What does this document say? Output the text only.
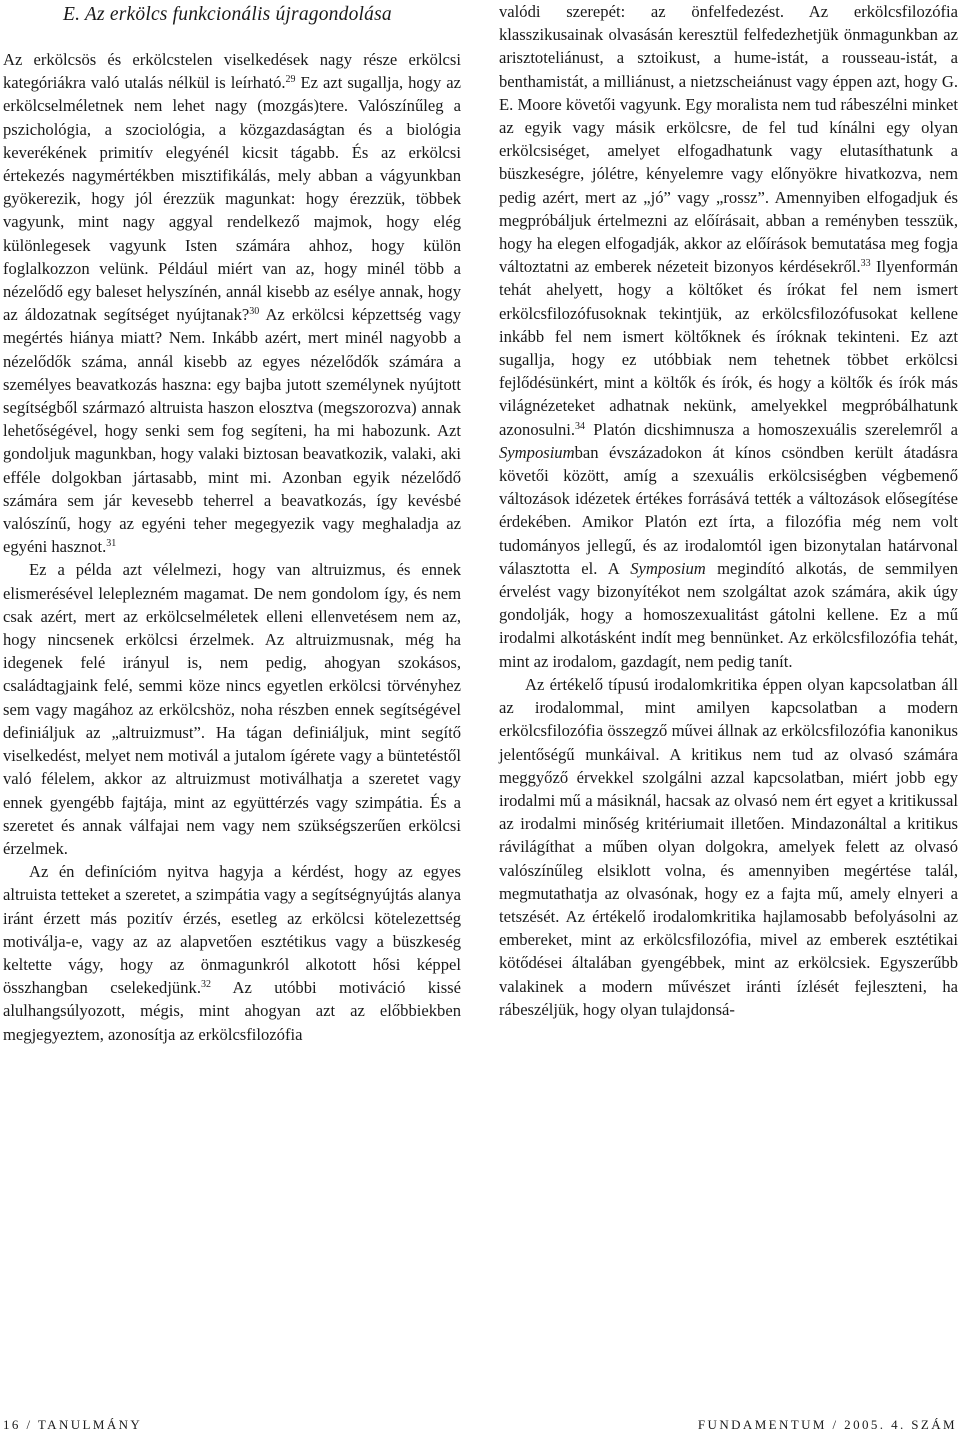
E. Az erkölcs funkcionális újragondolása

Az erkölcsös és erkölcstelen viselkedések nagy része erkölcsi kategóriákra való utalás nélkül is leírható.$^{29}$ Ez azt sugallja, hogy az erkölcselméletnek nem lehet nagy (mozgás)tere. Valószínűleg a pszichológia, a szociológia, a közgazdaságtan és a biológia keverékének primitív elegyénél kicsit tágabb. És az erkölcsi értekezés nagymértékben misztifikálás, mely abban a vágyunkban gyökerezik, hogy jól érezzük magunkat: hogy érezzük, többek vagyunk, mint nagy aggyal rendelkező majmok, hogy elég különlegesek vagyunk Isten számára ahhoz, hogy külön foglalkozzon velünk. Például miért van az, hogy minél több a nézelődő egy baleset helyszínén, annál kisebb az esélye annak, hogy az áldozatnak segítséget nyújtanak?$^{30}$ Az erkölcsi képzettség vagy megértés hiánya miatt? Nem. Inkább azért, mert minél nagyobb a nézelődők száma, annál kisebb az egyes nézelődők számára a személyes beavatkozás haszna: egy bajba jutott személynek nyújtott segítségből származó altruista haszon elosztva (megszorozva) annak lehetőségével, hogy senki sem fog segíteni, ha mi habozunk. Azt gondoljuk magunkban, hogy valaki biztosan beavatkozik, valaki, aki efféle dolgokban jártasabb, mint mi. Azonban egyik nézelődő számára sem jár kevesebb teherrel a beavatkozás, így kevésbé valószínű, hogy az egyéni teher megegyezik vagy meghaladja az egyéni hasznot.$^{31}$

Ez a példa azt vélelmezi, hogy van altruizmus, és ennek elismerésével leleplezném magamat. De nem gondolom így, és nem csak azért, mert az erkölcselméletek elleni ellenvetésem nem az, hogy nincsenek erkölcsi érzelmek. Az altruizmusnak, még ha idegenek felé irányul is, nem pedig, ahogyan szokásos, családtagjaink felé, semmi köze nincs egyetlen erkölcsi törvényhez sem vagy magához az erkölcshöz, noha részben ennek segítségével definiáljuk az „altruizmust”. Ha tágan definiáljuk, mint segítő viselkedést, melyet nem motivál a jutalom ígérete vagy a büntetéstől való félelem, akkor az altruizmust motiválhatja a szeretet vagy ennek gyengébb fajtája, mint az együttérzés vagy szimpátia. És a szeretet és annak válfajai nem vagy nem szükségszerűen erkölcsi érzelmek.

Az én definícióm nyitva hagyja a kérdést, hogy az egyes altruista tetteket a szeretet, a szimpátia vagy a segítségnyújtás alanya iránt érzett más pozitív érzés, esetleg az erkölcsi kötelezettség motiválja-e, vagy az az alapvetően esztétikus vagy a büszkeség keltette vágy, hogy az önmagunkról alkotott hősi képpel összhangban cselekedjünk.$^{32}$ Az utóbbi motiváció kissé alulhangsúlyozott, mégis, mint ahogyan azt az előbbiekben megjegyeztem, azonosítja az erkölcsfilozófia

valódi szerepét: az önfelfedezést. Az erkölcsfilozófia klasszikusainak olvasásán keresztül felfedezhetjük önmagunkban az arisztoteliánust, a sztoikust, a hume-istát, a rousseau-istát, a benthamistát, a milliánust, a nietzscheiánust vagy éppen azt, hogy G. E. Moore követői vagyunk. Egy moralista nem tud rábeszélni minket az egyik vagy másik erkölcsre, de fel tud kínálni egy olyan erkölcsiséget, amelyet elfogadhatunk vagy elutasíthatunk a büszkeségre, jólétre, kényelemre vagy előnyökre hivatkozva, nem pedig azért, mert az „jó” vagy „rossz”. Amennyiben elfogadjuk és megpróbáljuk értelmezni az előírásait, abban a reményben tesszük, hogy ha elegen elfogadják, akkor az előírások bemutatása meg fogja változtatni az emberek nézeteit bizonyos kérdésekről.$^{33}$ Ilyenformán tehát ahelyett, hogy a költőket és írókat fel nem ismert erkölcsfilozófusoknak tekintjük, az erkölcsfilozófusokat kellene inkább fel nem ismert költőknek és íróknak tekinteni. Ez azt sugallja, hogy ez utóbbiak nem tehetnek többet erkölcsi fejlődésünkért, mint a költők és írók, és hogy a költők és írók más világnézeteket adhatnak nekünk, amelyekkel megpróbálhatunk azonosulni.$^{34}$ Platón dicshimnusza a homoszexuális szerelemről a Symposiumban évszázadokon át kínos csöndben került átadásra követői között, amíg a szexuális erkölcsiségben végbemenő változások idézetek értékes forrásává tették a változások elősegítése érdekében. Amikor Platón ezt írta, a filozófia még nem volt tudományos jellegű, és az irodalomtól igen bizonytalan határvonal választotta el. A Symposium megindító alkotás, de semmilyen érvelést vagy bizonyítékot nem szolgáltat azok számára, akik úgy gondolják, hogy a homoszexualitást gátolni kellene. Ez a mű irodalmi alkotásként indít meg bennünket. Az erkölcsfilozófia tehát, mint az irodalom, gazdagít, nem pedig tanít.

Az értékelő típusú irodalomkritika éppen olyan kapcsolatban áll az irodalommal, mint amilyen kapcsolatban a modern erkölcsfilozófia összegző művei állnak az erkölcsfilozófia kanonikus jelentőségű munkáival. A kritikus nem tud az olvasó számára meggyőző érvekkel szolgálni azzal kapcsolatban, miért jobb egy irodalmi mű a másiknál, hacsak az olvasó nem ért egyet a kritikussal az irodalmi minőség kritériumait illetően. Mindazonáltal a kritikus rávilágíthat a műben olyan dolgokra, amelyek felett az olvasó valószínűleg elsiklott volna, és amennyiben megértése talál, megmutathatja az olvasónak, hogy ez a fajta mű, amely elnyeri a tetszését. Az értékelő irodalomkritika hajlamosabb befolyásolni az embereket, mint az erkölcsfilozófia, mivel az emberek esztétikai kötődései általában gyengébbek, mint az erkölcsiek. Egyszerűbb valakinek a modern művészet iránti ízlését fejleszteni, ha rábeszéljük, hogy olyan tulajdonsá-

16 / TANULMÁNY	FUNDAMENTUM / 2005. 4. SZÁM
